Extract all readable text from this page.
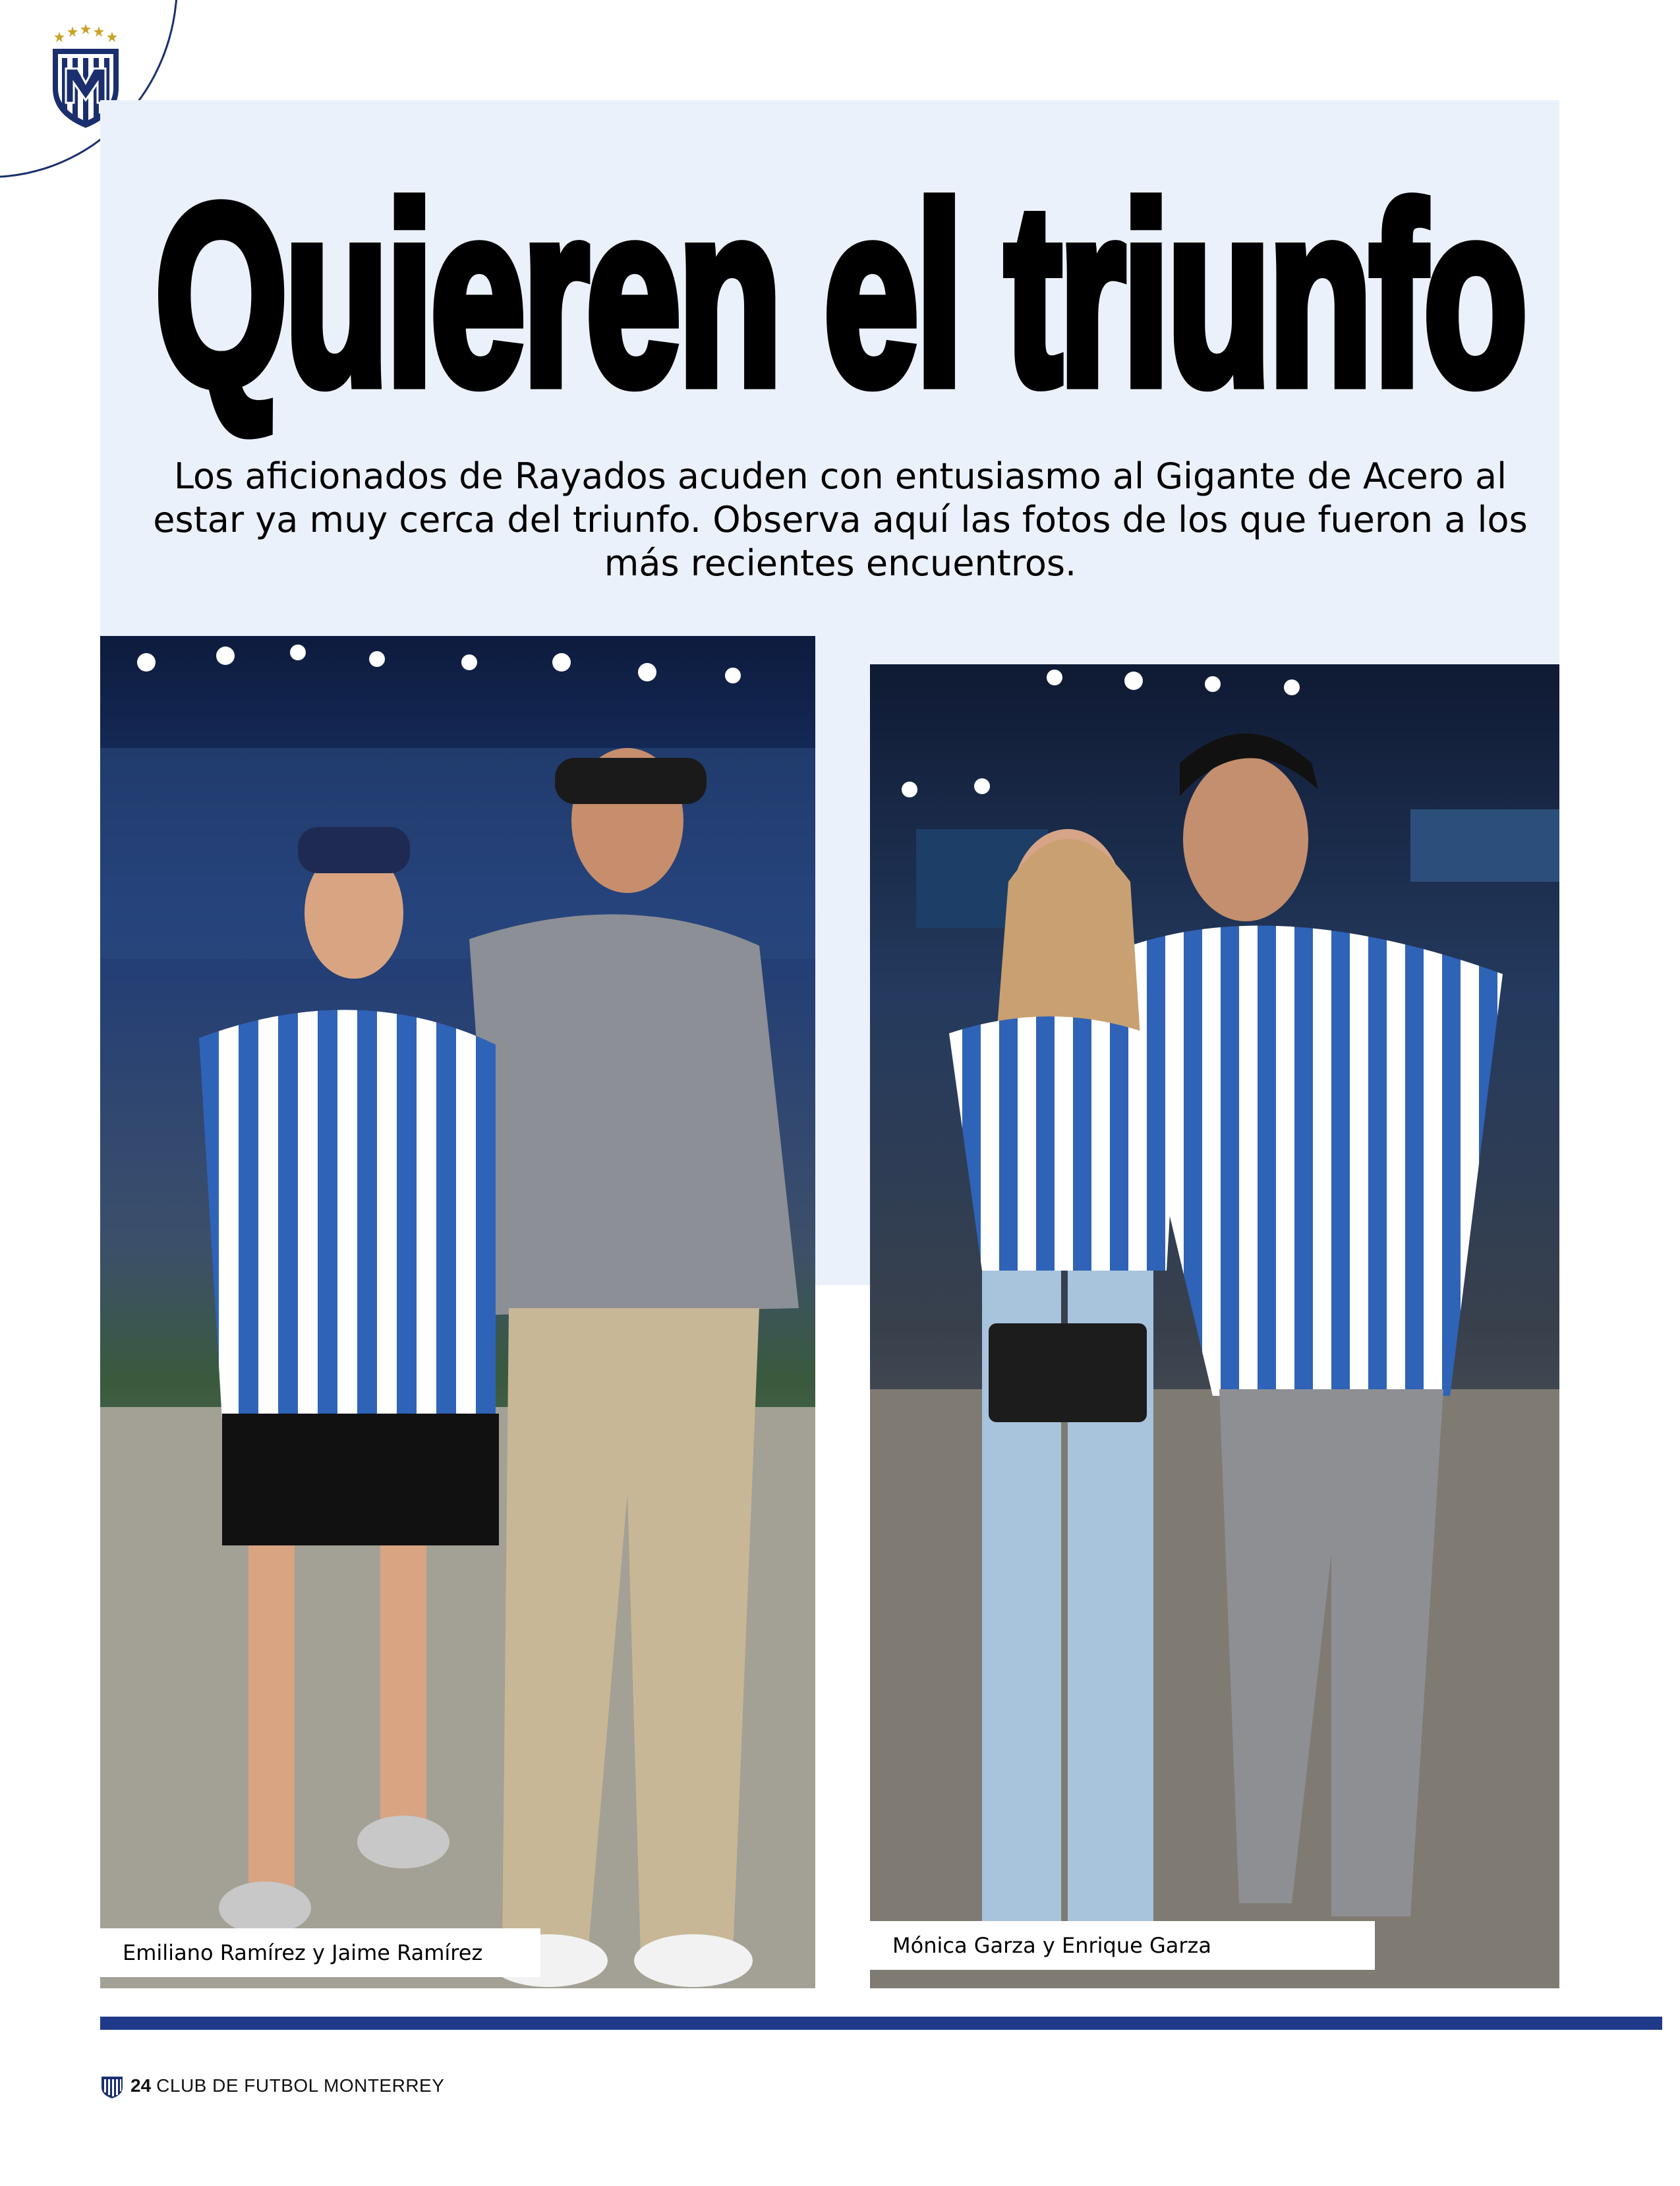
Quieren el triunfo
Los aficionados de Rayados acuden con entusiasmo al Gigante de Acero al estar ya muy cerca del triunfo. Observa aquí las fotos de los que fueron a los más recientes encuentros.
Emiliano Ramírez y Jaime Ramírez	Mónica Garza y Enrique Garza
24 CLUB DE FUTBOL MONTERREY
